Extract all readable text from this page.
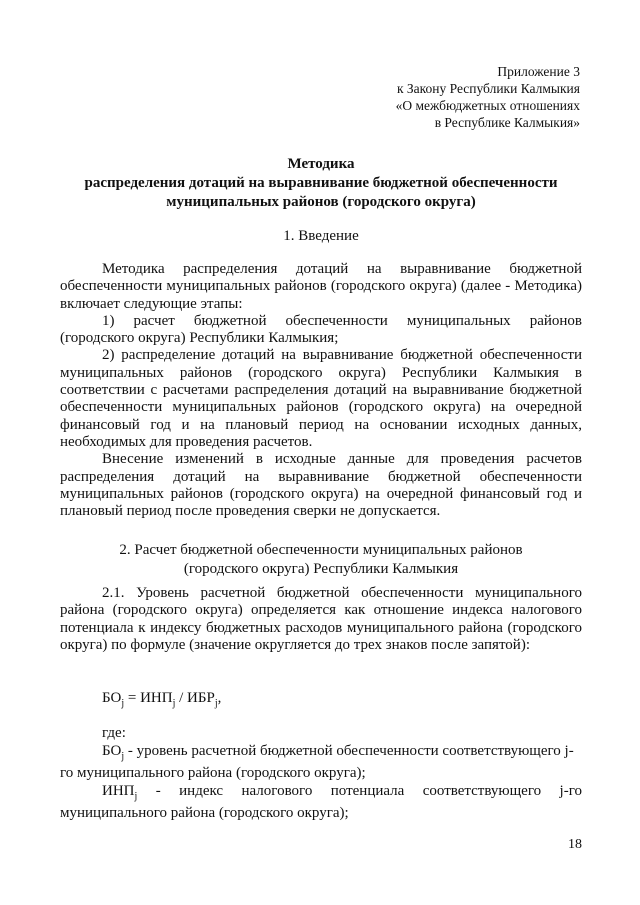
Приложение 3
к Закону Республики Калмыкия
«О межбюджетных отношениях
в Республике Калмыкия»
Методика
распределения дотаций на выравнивание бюджетной обеспеченности
муниципальных районов (городского округа)
1. Введение

Методика распределения дотаций на выравнивание бюджетной обеспеченности муниципальных районов (городского округа) (далее - Методика) включает следующие этапы:

1) расчет бюджетной обеспеченности муниципальных районов (городского округа) Республики Калмыкия;

2) распределение дотаций на выравнивание бюджетной обеспеченности муниципальных районов (городского округа) Республики Калмыкия в соответствии с расчетами распределения дотаций на выравнивание бюджетной обеспеченности муниципальных районов (городского округа) на очередной финансовый год и на плановый период на основании исходных данных, необходимых для проведения расчетов.

Внесение изменений в исходные данные для проведения расчетов распределения дотаций на выравнивание бюджетной обеспеченности муниципальных районов (городского округа) на очередной финансовый год и плановый период после проведения сверки не допускается.

2. Расчет бюджетной обеспеченности муниципальных районов
(городского округа) Республики Калмыкия

2.1. Уровень расчетной бюджетной обеспеченности муниципального района (городского округа) определяется как отношение индекса налогового потенциала к индексу бюджетных расходов муниципального района (городского округа) по формуле (значение округляется до трех знаков после запятой):

$БО_j = ИНП_j / ИБР_j$,
где:

$БО_j$ - уровень расчетной бюджетной обеспеченности соответствующего j-го муниципального района (городского округа);

$ИНП_j$ - индекс налогового потенциала соответствующего j-го муниципального района (городского округа);

18
